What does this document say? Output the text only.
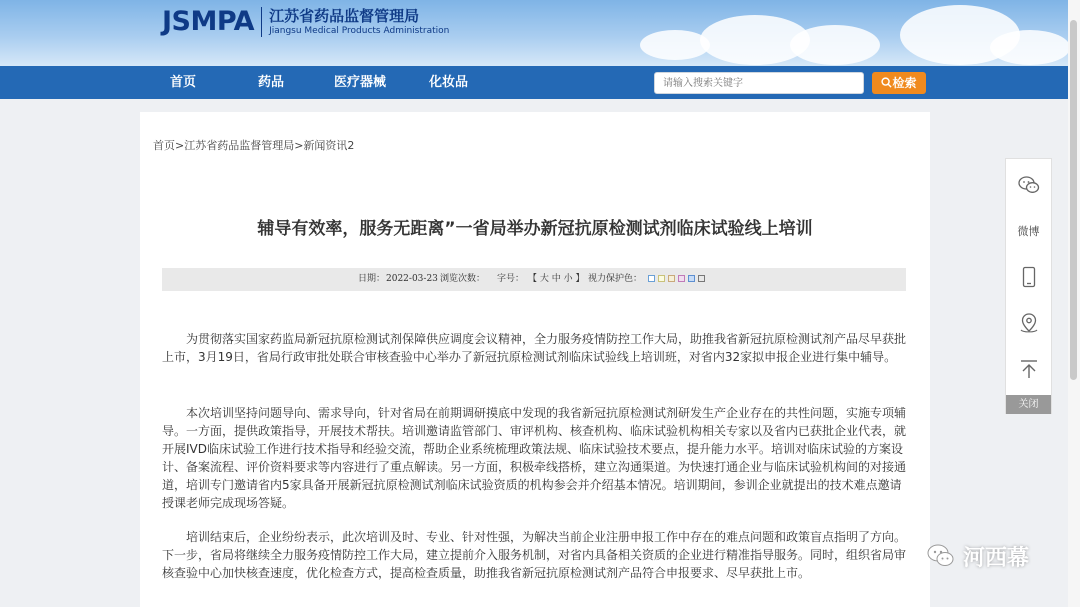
JSMPA 江苏省药品监督管理局
Jiangsu Medical Products Administration
首页	药品	医疗器械	化妆品
请输入搜索关键字	检索
首页>江苏省药品监督管理局>新闻资讯2
辅导有效率，服务无距离”一省局举办新冠抗原检测试剂临床试验线上培训
日期： 2022-03-23 浏览次数： 字号： 【 大 中 小 】 视力保护色：

为贯彻落实国家药监局新冠抗原检测试剂保障供应调度会议精神，全力服务疫情防控工作大局，助推我省新冠抗原检测试剂产品尽早获批上市，3月19日，省局行政审批处联合审核查验中心举办了新冠抗原检测试剂临床试验线上培训班，对省内32家拟申报企业进行集中辅导。

本次培训坚持问题导向、需求导向，针对省局在前期调研摸底中发现的我省新冠抗原检测试剂研发生产企业存在的共性问题，实施专项辅导。一方面，提供政策指导，开展技术帮扶。培训邀请监管部门、审评机构、核查机构、临床试验机构相关专家以及省内已获批企业代表，就开展IVD临床试验工作进行技术指导和经验交流，帮助企业系统梳理政策法规、临床试验技术要点，提升能力水平。培训对临床试验的方案设计、备案流程、评价资料要求等内容进行了重点解读。另一方面，积极牵线搭桥，建立沟通渠道。为快速打通企业与临床试验机构间的对接通道，培训专门邀请省内5家具备开展新冠抗原检测试剂临床试验资质的机构参会并介绍基本情况。培训期间，参训企业就提出的技术难点邀请授课老师完成现场答疑。

培训结束后，企业纷纷表示，此次培训及时、专业、针对性强，为解决当前企业注册申报工作中存在的难点问题和政策盲点指明了方向。下一步，省局将继续全力服务疫情防控工作大局，建立提前介入服务机制，对省内具备相关资质的企业进行精准指导服务。同时，组织省局审核查验中心加快核查速度，优化检查方式，提高检查质量，助推我省新冠抗原检测试剂产品符合申报要求、尽早获批上市。

微博
关闭
河西幕
